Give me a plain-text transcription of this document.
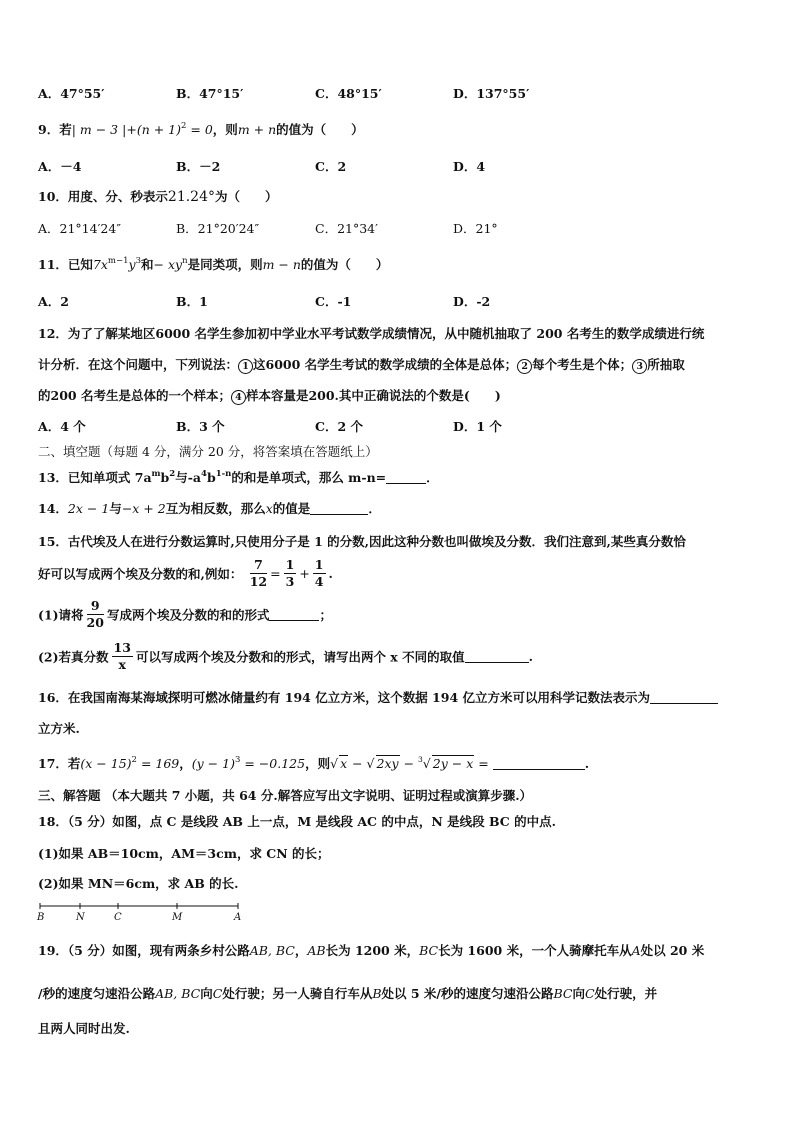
A．47°55′	B．47°15′	C．48°15′	D．137°55′
9．若| m − 3 $|+(n + 1)^2 = 0$，则m + n的值为（　　）
A．－4	B．－2	C．2	D．4
10．用度、分、秒表示21.24°为（　　）
A．21°14′24″	B．21°20′24″	C．21°34′	D．21°
11．已知$7x^{m-1}y^3$和− $xy^n$是同类项，则m − n的值为（　　）
A．2	B．1	C．-1	D．-2
12．为了了解某地区6000 名学生参加初中学业水平考试数学成绩情况，从中随机抽取了 200 名考生的数学成绩进行统
计分析．在这个问题中，下列说法： 1 这6000 名学生考试的数学成绩的全体是总体； 2 每个考生是个体； 3 所抽取
的200 名考生是总体的一个样本； 4 样本容量是200.其中正确说法的个数是(　　)
A．4 个	B．3 个	C．2 个	D．1 个
二、填空题（每题 4 分，满分 20 分，将答案填在答题纸上）
13．已知单项式 $7a^mb^2$与$-a^4b^{1-n}$的和是单项式，那么 m-n=	．
14．2x − 1与−x + 2互为相反数，那么x的值是	．
15．古代埃及人在进行分数运算时,只使用分子是 1 的分数,因此这种分数也叫做埃及分数．我们注意到,某些真分数恰
好可以写成两个埃及分数的和,例如： $\frac{7}{12} = \frac{1}{3} + \frac{1}{4}$ .
(1)请将 $\frac{9}{20}$ 写成两个埃及分数的和的形式	；
(2)若真分数 $\frac{13}{x}$ 可以写成两个埃及分数和的形式，请写出两个 x 不同的取值	.
16．在我国南海某海域探明可燃冰储量约有 194 亿立方米，这个数据 194 亿立方米可以用科学记数法表示为
立方米.
17．若$(x - 15)^2 = 169$，$(y - 1)^3 = -0.125$，则√ x − √ 2xy − $^3$√ 2y − x =	.
三、解答题 （本大题共 7 小题，共 64 分.解答应写出文字说明、证明过程或演算步骤.）
18．（5 分）如图，点 C 是线段 AB 上一点，M 是线段 AC 的中点，N 是线段 BC 的中点.
(1)如果 AB＝10cm，AM＝3cm，求 CN 的长；
(2)如果 MN＝6cm，求 AB 的长.
B	N	C	M	A
19．（5 分）如图，现有两条乡村公路AB, BC，AB长为 1200 米，BC长为 1600 米，一个人骑摩托车从A处以 20 米
/秒的速度匀速沿公路AB, BC向C处行驶；另一人骑自行车从B处以 5 米/秒的速度匀速沿公路BC向C处行驶，并
且两人同时出发.
